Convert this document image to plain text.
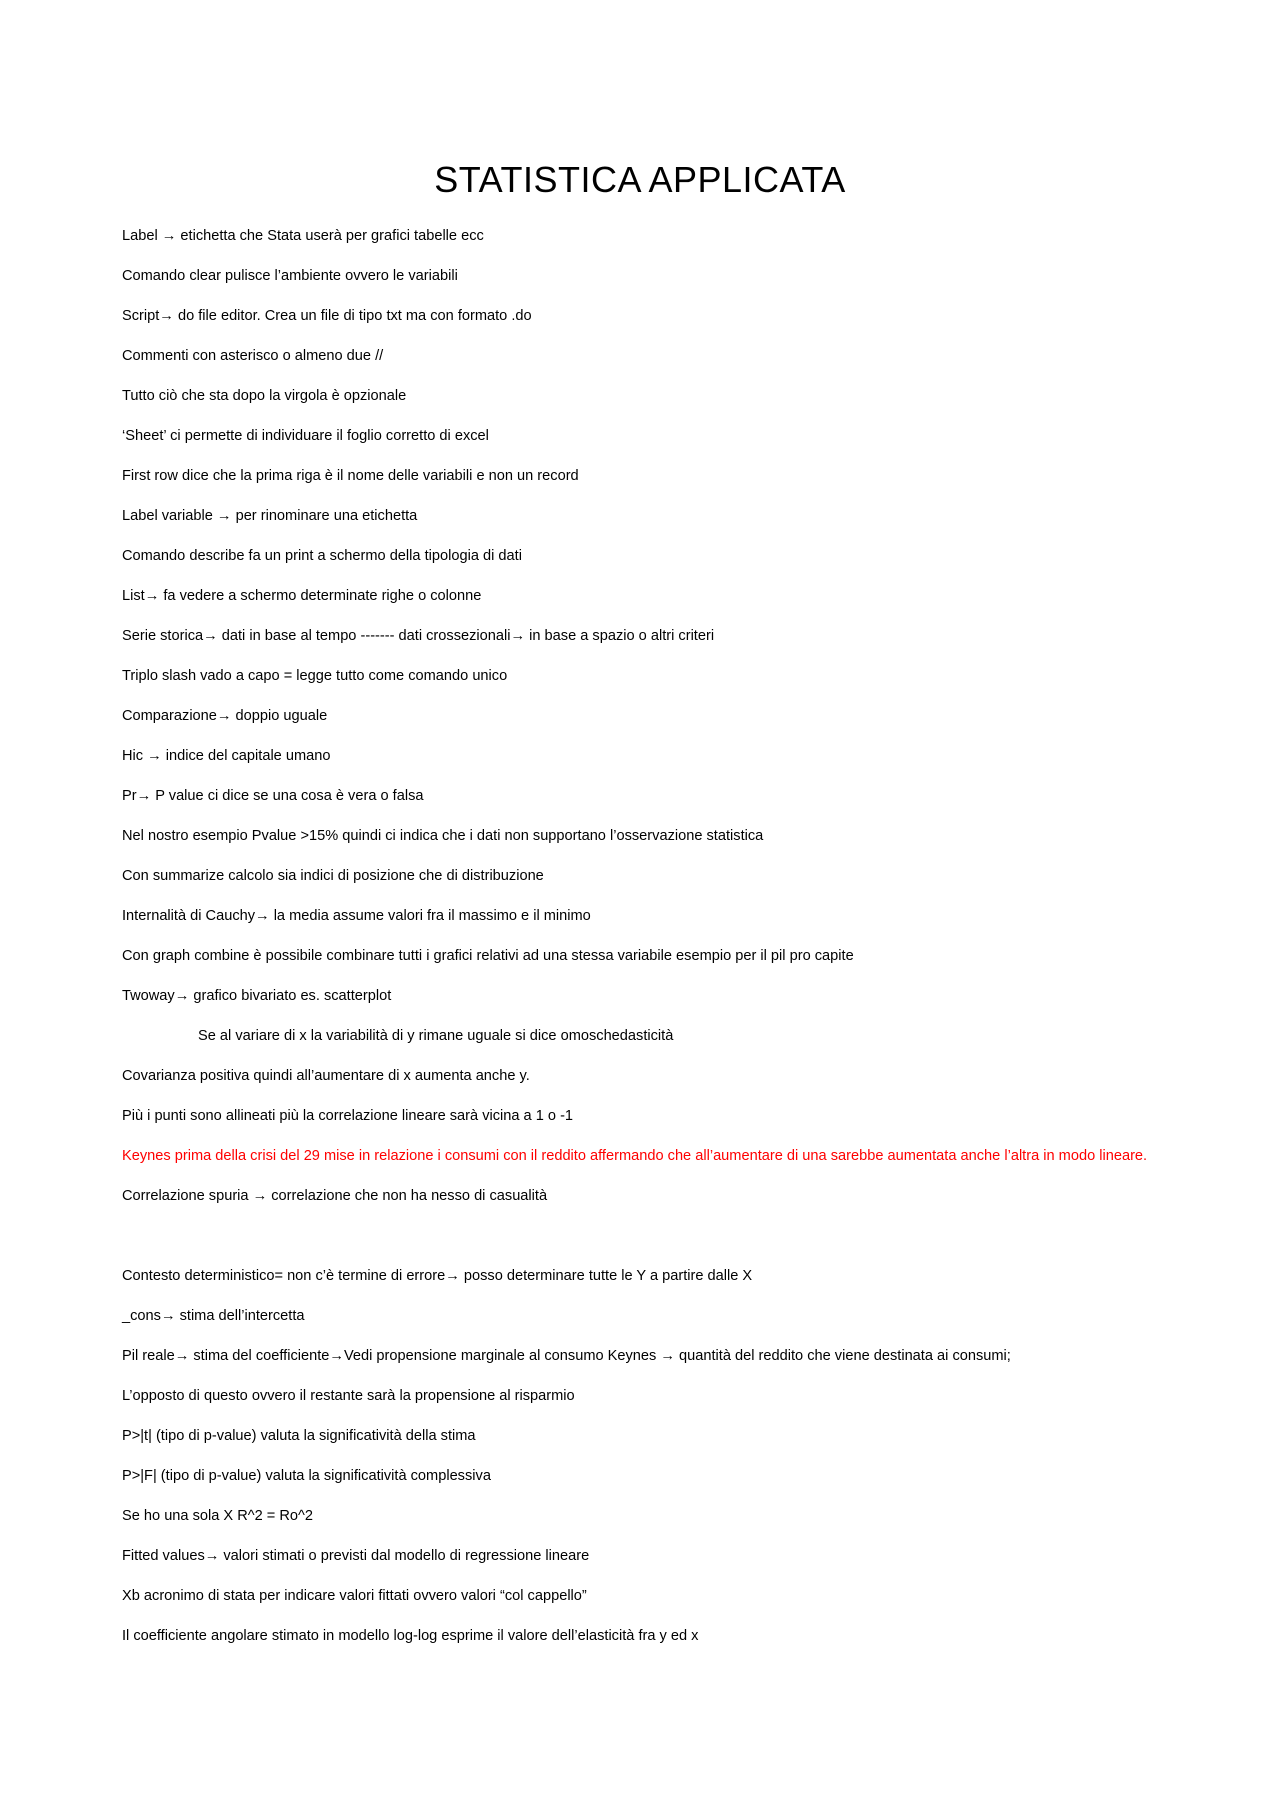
STATISTICA APPLICATA
Label → etichetta che Stata userà per grafici tabelle ecc
Comando clear pulisce l’ambiente ovvero le variabili
Script→ do file editor. Crea un file di tipo txt ma con formato .do
Commenti con asterisco o almeno due //
Tutto ciò che sta dopo la virgola è opzionale
‘Sheet’ ci permette di individuare il foglio corretto di excel
First row dice che la prima riga è il nome delle variabili e non un record
Label variable → per rinominare una etichetta
Comando describe fa un print a schermo della tipologia di dati
List→ fa vedere a schermo determinate righe o colonne
Serie storica→ dati in base al tempo ------- dati crossezionali→ in base a spazio o altri criteri
Triplo slash vado a capo = legge tutto come comando unico
Comparazione→ doppio uguale
Hic → indice del capitale umano
Pr→ P value ci dice se una cosa è vera o falsa
Nel nostro esempio Pvalue >15% quindi ci indica che i dati non supportano l’osservazione statistica
Con summarize calcolo sia indici di posizione che di distribuzione
Internalità di Cauchy→ la media assume valori fra il massimo e il minimo
Con graph combine è possibile combinare tutti i grafici relativi ad una stessa variabile esempio per il pil pro capite
Twoway→ grafico bivariato es. scatterplot
Se al variare di x la variabilità di y rimane uguale si dice omoschedasticità
Covarianza positiva quindi all’aumentare di x aumenta anche y.
Più i punti sono allineati più la correlazione lineare sarà vicina a 1 o -1
Keynes prima della crisi del 29 mise in relazione i consumi con il reddito affermando che all’aumentare di una sarebbe aumentata anche l’altra in modo lineare.
Correlazione spuria → correlazione che non ha nesso di casualità
Contesto deterministico= non c’è termine di errore→ posso determinare tutte le Y a partire dalle X
_cons→ stima dell’intercetta
Pil reale→ stima del coefficiente→Vedi propensione marginale al consumo Keynes → quantità del reddito che viene destinata ai consumi;
L’opposto di questo ovvero il restante sarà la propensione al risparmio
P>|t| (tipo di p-value) valuta la significatività della stima
P>|F| (tipo di p-value) valuta la significatività complessiva
Se ho una sola X R^2 = Ro^2
Fitted values→ valori stimati o previsti dal modello di regressione lineare
Xb acronimo di stata per indicare valori fittati ovvero valori “col cappello”
Il coefficiente angolare stimato in modello log-log esprime il valore dell’elasticità fra y ed x
